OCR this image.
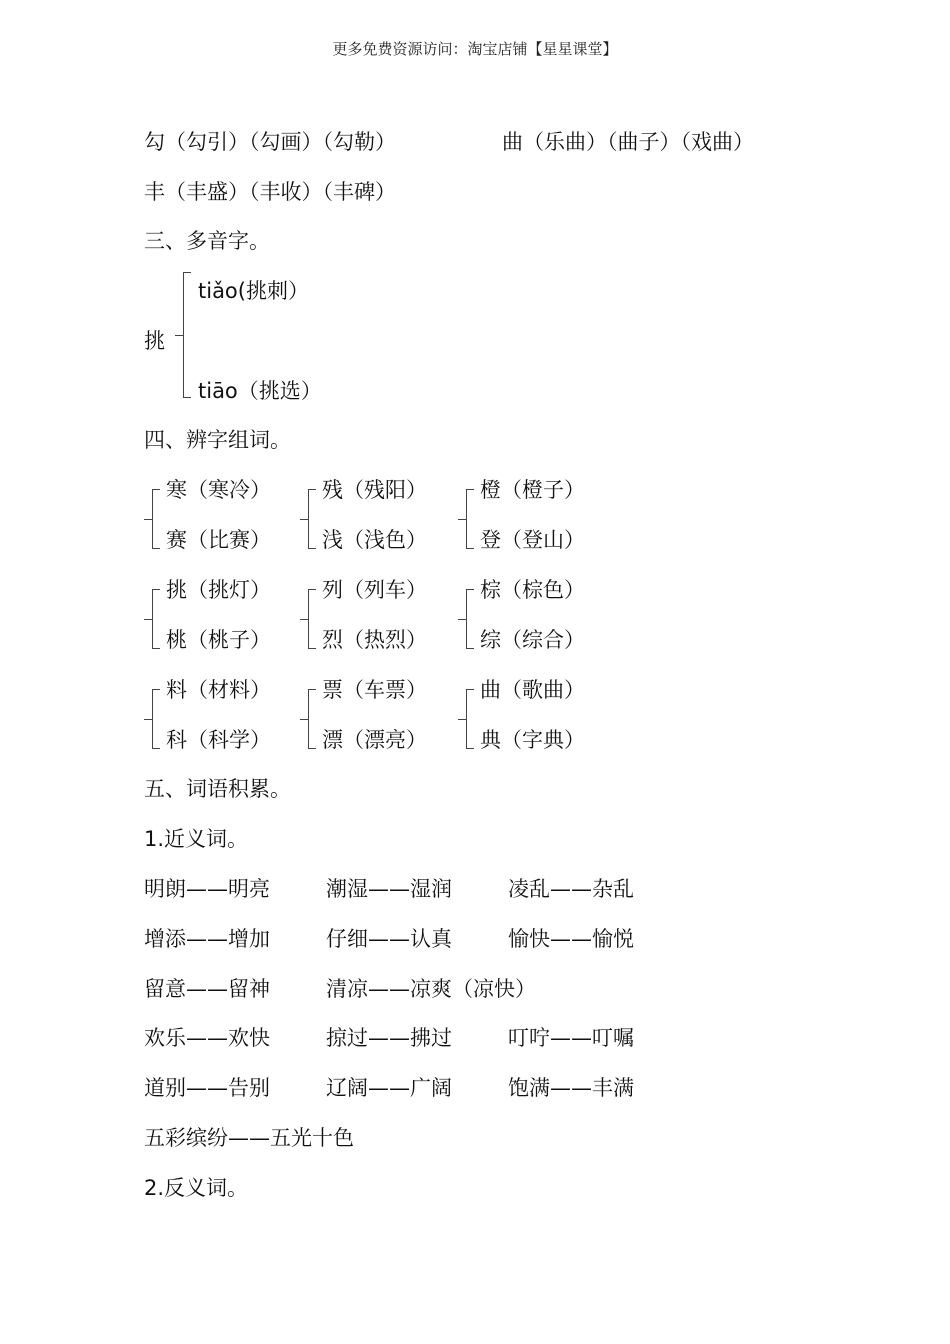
更多免费资源访问：淘宝店铺【星星课堂】
勾（勾引）（勾画）（勾勒）	曲（乐曲）（曲子）（戏曲）
丰（丰盛）（丰收）（丰碑）
三、多音字。
挑
tiǎo(挑刺）
tiāo（挑选）
四、辨字组词。
寒（寒冷）
赛（比赛）
残（残阳）
浅（浅色）
橙（橙子）
登（登山）
挑（挑灯）
桃（桃子）
列（列车）
烈（热烈）
棕（棕色）
综（综合）
料（材料）
科（科学）
票（车票）
漂（漂亮）
曲（歌曲）
典（字典）
五、词语积累。
1.近义词。
明朗——明亮	潮湿——湿润	凌乱——杂乱
增添——增加	仔细——认真	愉快——愉悦
留意——留神	清凉——凉爽（凉快）
欢乐——欢快	掠过——拂过	叮咛——叮嘱
道别——告别	辽阔——广阔	饱满——丰满
五彩缤纷——五光十色
2.反义词。
